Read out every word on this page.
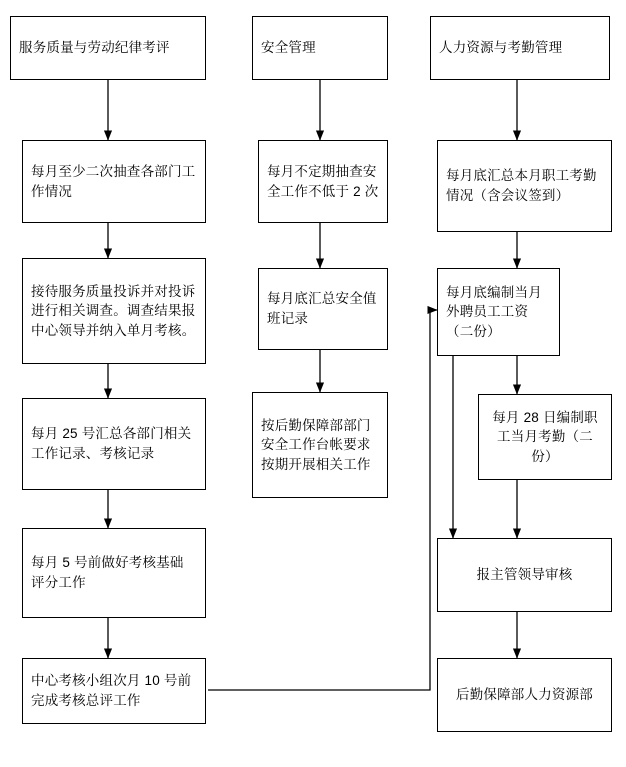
服务质量与劳动纪律考评
每月至少二次抽查各部门工作情况
接待服务质量投诉并对投诉进行相关调查。调查结果报中心领导并纳入单月考核。
每月 25 号汇总各部门相关工作记录、考核记录
每月 5 号前做好考核基础评分工作
中心考核小组次月 10 号前完成考核总评工作
安全管理
每月不定期抽查安全工作不低于 2 次
每月底汇总安全值班记录
按后勤保障部部门安全工作台帐要求按期开展相关工作
人力资源与考勤管理
每月底汇总本月职工考勤情况（含会议签到）
每月底编制当月外聘员工工资（二份）
每月 28 日编制职工当月考勤（二份）
报主管领导审核
后勤保障部人力资源部
